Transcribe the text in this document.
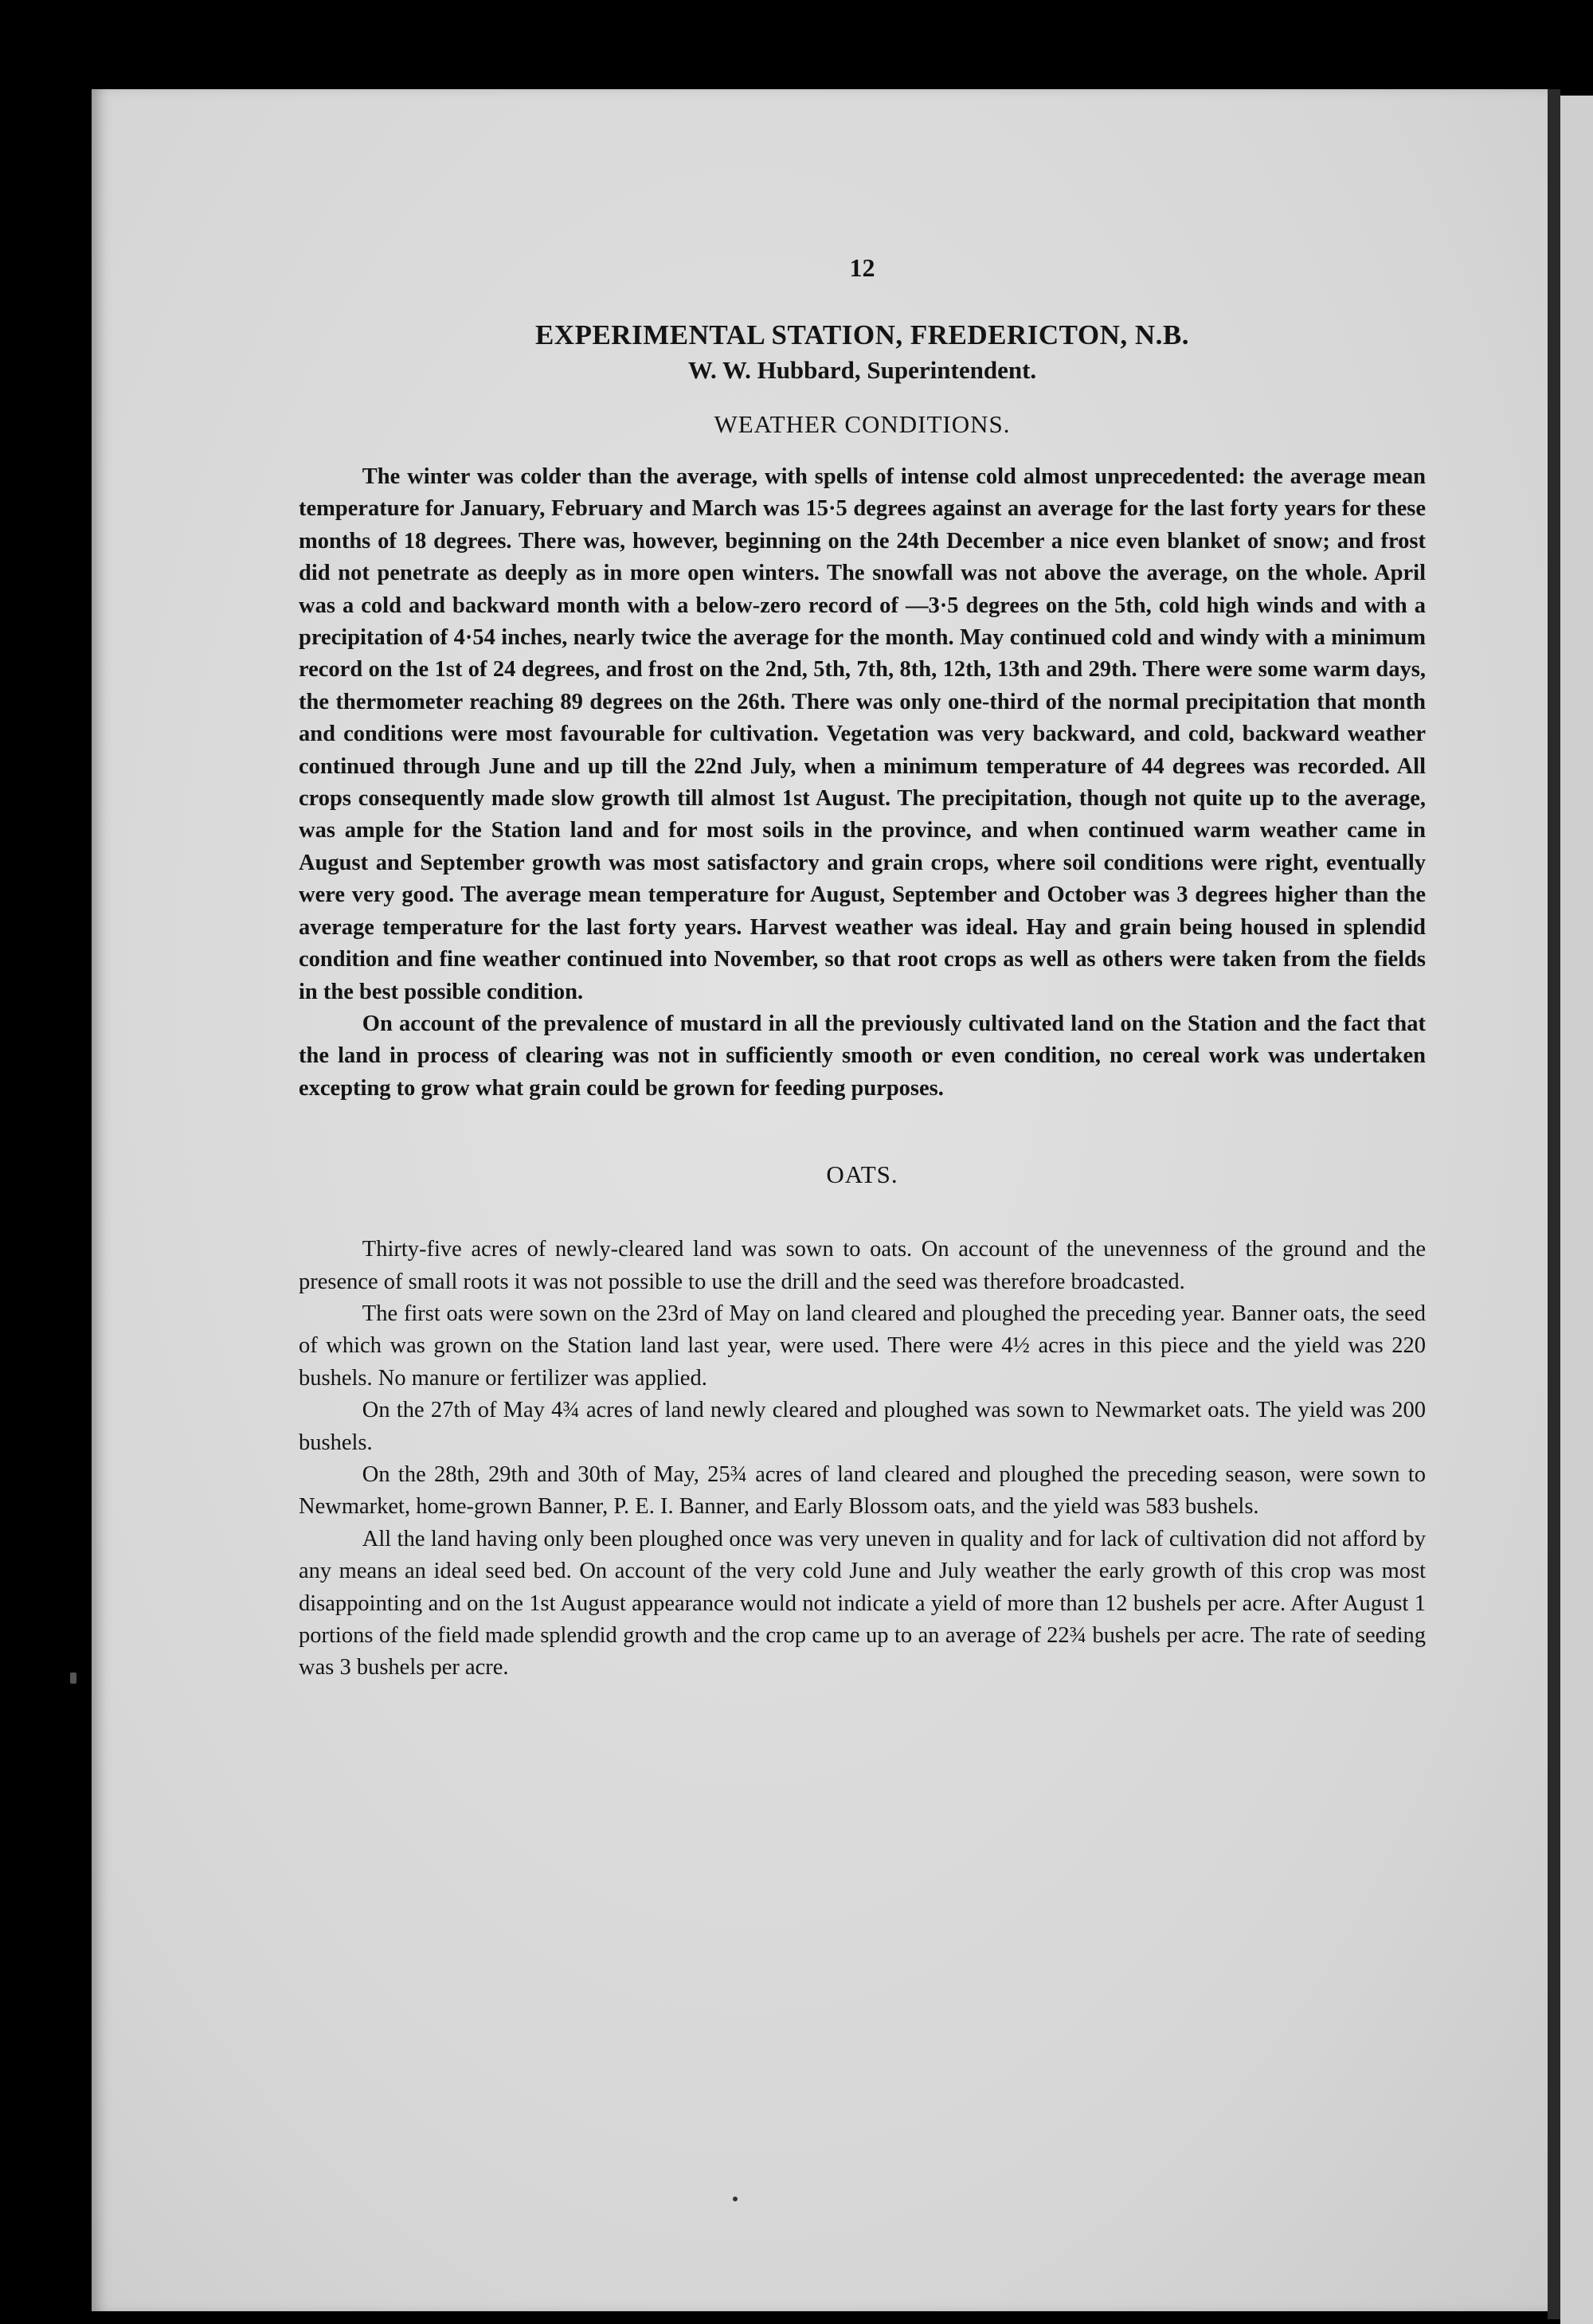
12
EXPERIMENTAL STATION, FREDERICTON, N.B.
W. W. Hubbard, Superintendent.
WEATHER CONDITIONS.

The winter was colder than the average, with spells of intense cold almost unprecedented: the average mean temperature for January, February and March was 15·5 degrees against an average for the last forty years for these months of 18 degrees. There was, however, beginning on the 24th December a nice even blanket of snow; and frost did not penetrate as deeply as in more open winters. The snowfall was not above the average, on the whole. April was a cold and backward month with a below-zero record of —3·5 degrees on the 5th, cold high winds and with a precipitation of 4·54 inches, nearly twice the average for the month. May continued cold and windy with a minimum record on the 1st of 24 degrees, and frost on the 2nd, 5th, 7th, 8th, 12th, 13th and 29th. There were some warm days, the thermometer reaching 89 degrees on the 26th. There was only one-third of the normal precipitation that month and conditions were most favourable for cultivation. Vegetation was very backward, and cold, backward weather continued through June and up till the 22nd July, when a minimum temperature of 44 degrees was recorded. All crops consequently made slow growth till almost 1st August. The precipitation, though not quite up to the average, was ample for the Station land and for most soils in the province, and when continued warm weather came in August and September growth was most satisfactory and grain crops, where soil conditions were right, eventually were very good. The average mean temperature for August, September and October was 3 degrees higher than the average temperature for the last forty years. Harvest weather was ideal. Hay and grain being housed in splendid condition and fine weather continued into November, so that root crops as well as others were taken from the fields in the best possible condition.

On account of the prevalence of mustard in all the previously cultivated land on the Station and the fact that the land in process of clearing was not in sufficiently smooth or even condition, no cereal work was undertaken excepting to grow what grain could be grown for feeding purposes.

OATS.

Thirty-five acres of newly-cleared land was sown to oats. On account of the unevenness of the ground and the presence of small roots it was not possible to use the drill and the seed was therefore broadcasted.

The first oats were sown on the 23rd of May on land cleared and ploughed the preceding year. Banner oats, the seed of which was grown on the Station land last year, were used. There were 4½ acres in this piece and the yield was 220 bushels. No manure or fertilizer was applied.

On the 27th of May 4¾ acres of land newly cleared and ploughed was sown to Newmarket oats. The yield was 200 bushels.

On the 28th, 29th and 30th of May, 25¾ acres of land cleared and ploughed the preceding season, were sown to Newmarket, home-grown Banner, P. E. I. Banner, and Early Blossom oats, and the yield was 583 bushels.

All the land having only been ploughed once was very uneven in quality and for lack of cultivation did not afford by any means an ideal seed bed. On account of the very cold June and July weather the early growth of this crop was most disappointing and on the 1st August appearance would not indicate a yield of more than 12 bushels per acre. After August 1 portions of the field made splendid growth and the crop came up to an average of 22¾ bushels per acre. The rate of seeding was 3 bushels per acre.
